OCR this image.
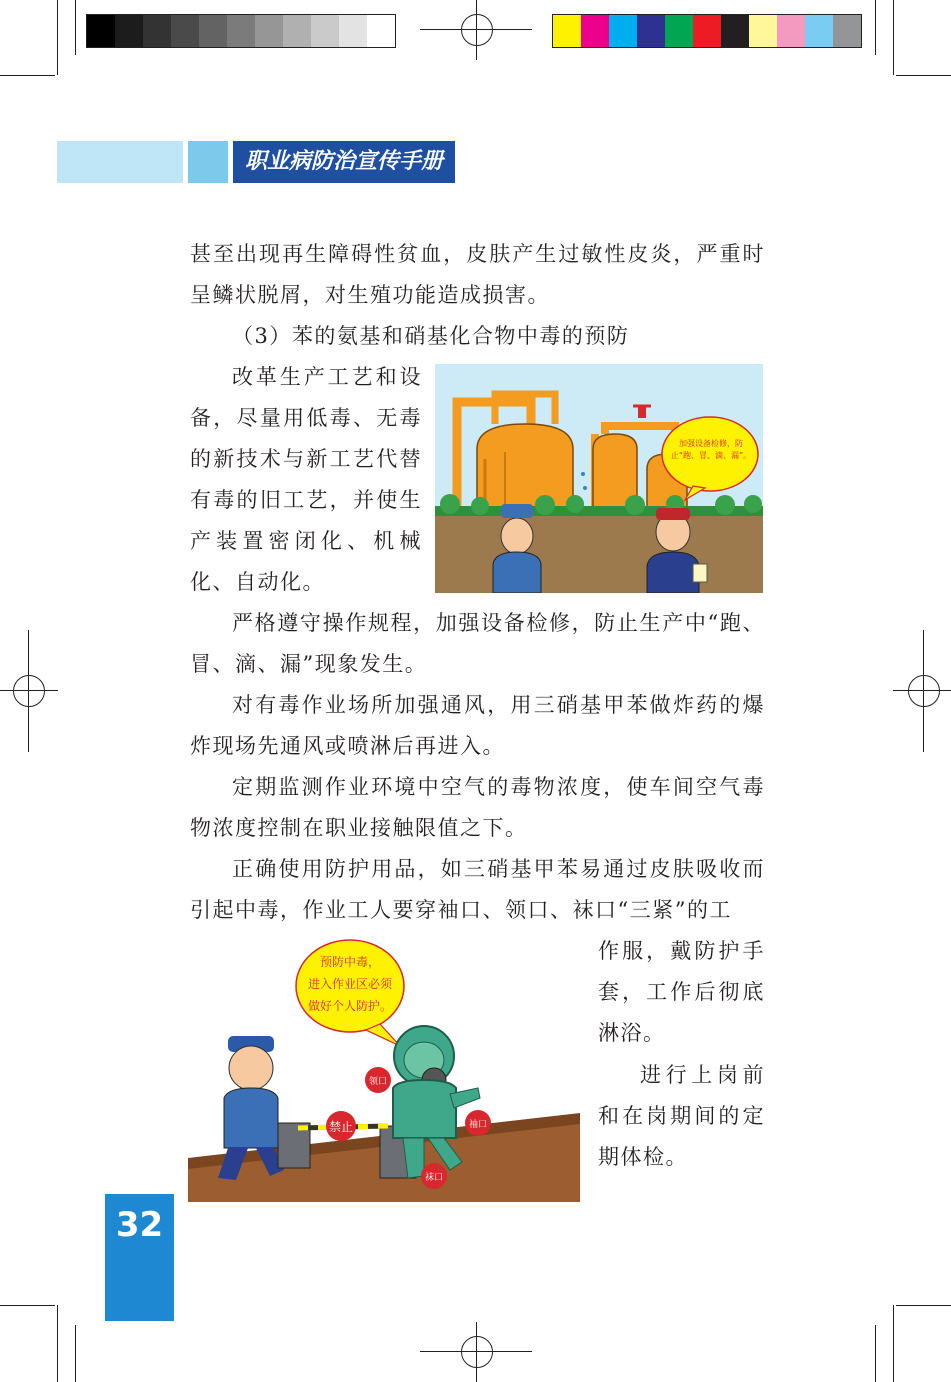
职业病防治宣传手册
甚至出现再生障碍性贫血，皮肤产生过敏性皮炎，严重时呈鳞状脱屑，对生殖功能造成损害。
（3）苯的氨基和硝基化合物中毒的预防
改革生产工艺和设备，尽量用低毒、无毒的新技术与新工艺代替有毒的旧工艺，并使生产装置密闭化、机械化、自动化。
严格遵守操作规程，加强设备检修，防止生产中“跑、冒、滴、漏”现象发生。
对有毒作业场所加强通风，用三硝基甲苯做炸药的爆炸现场先通风或喷淋后再进入。
定期监测作业环境中空气的毒物浓度，使车间空气毒物浓度控制在职业接触限值之下。
正确使用防护用品，如三硝基甲苯易通过皮肤吸收而引起中毒，作业工人要穿袖口、领口、袜口“三紧”的工
作服，戴防护手套，工作后彻底淋浴。
进行上岗前和在岗期间的定期体检。
加强设备检修，防止“跑、冒、滴、漏”。
预防中毒，
进入作业区必须
做好个人防护。
禁止
领口
袖口
袜口
32
